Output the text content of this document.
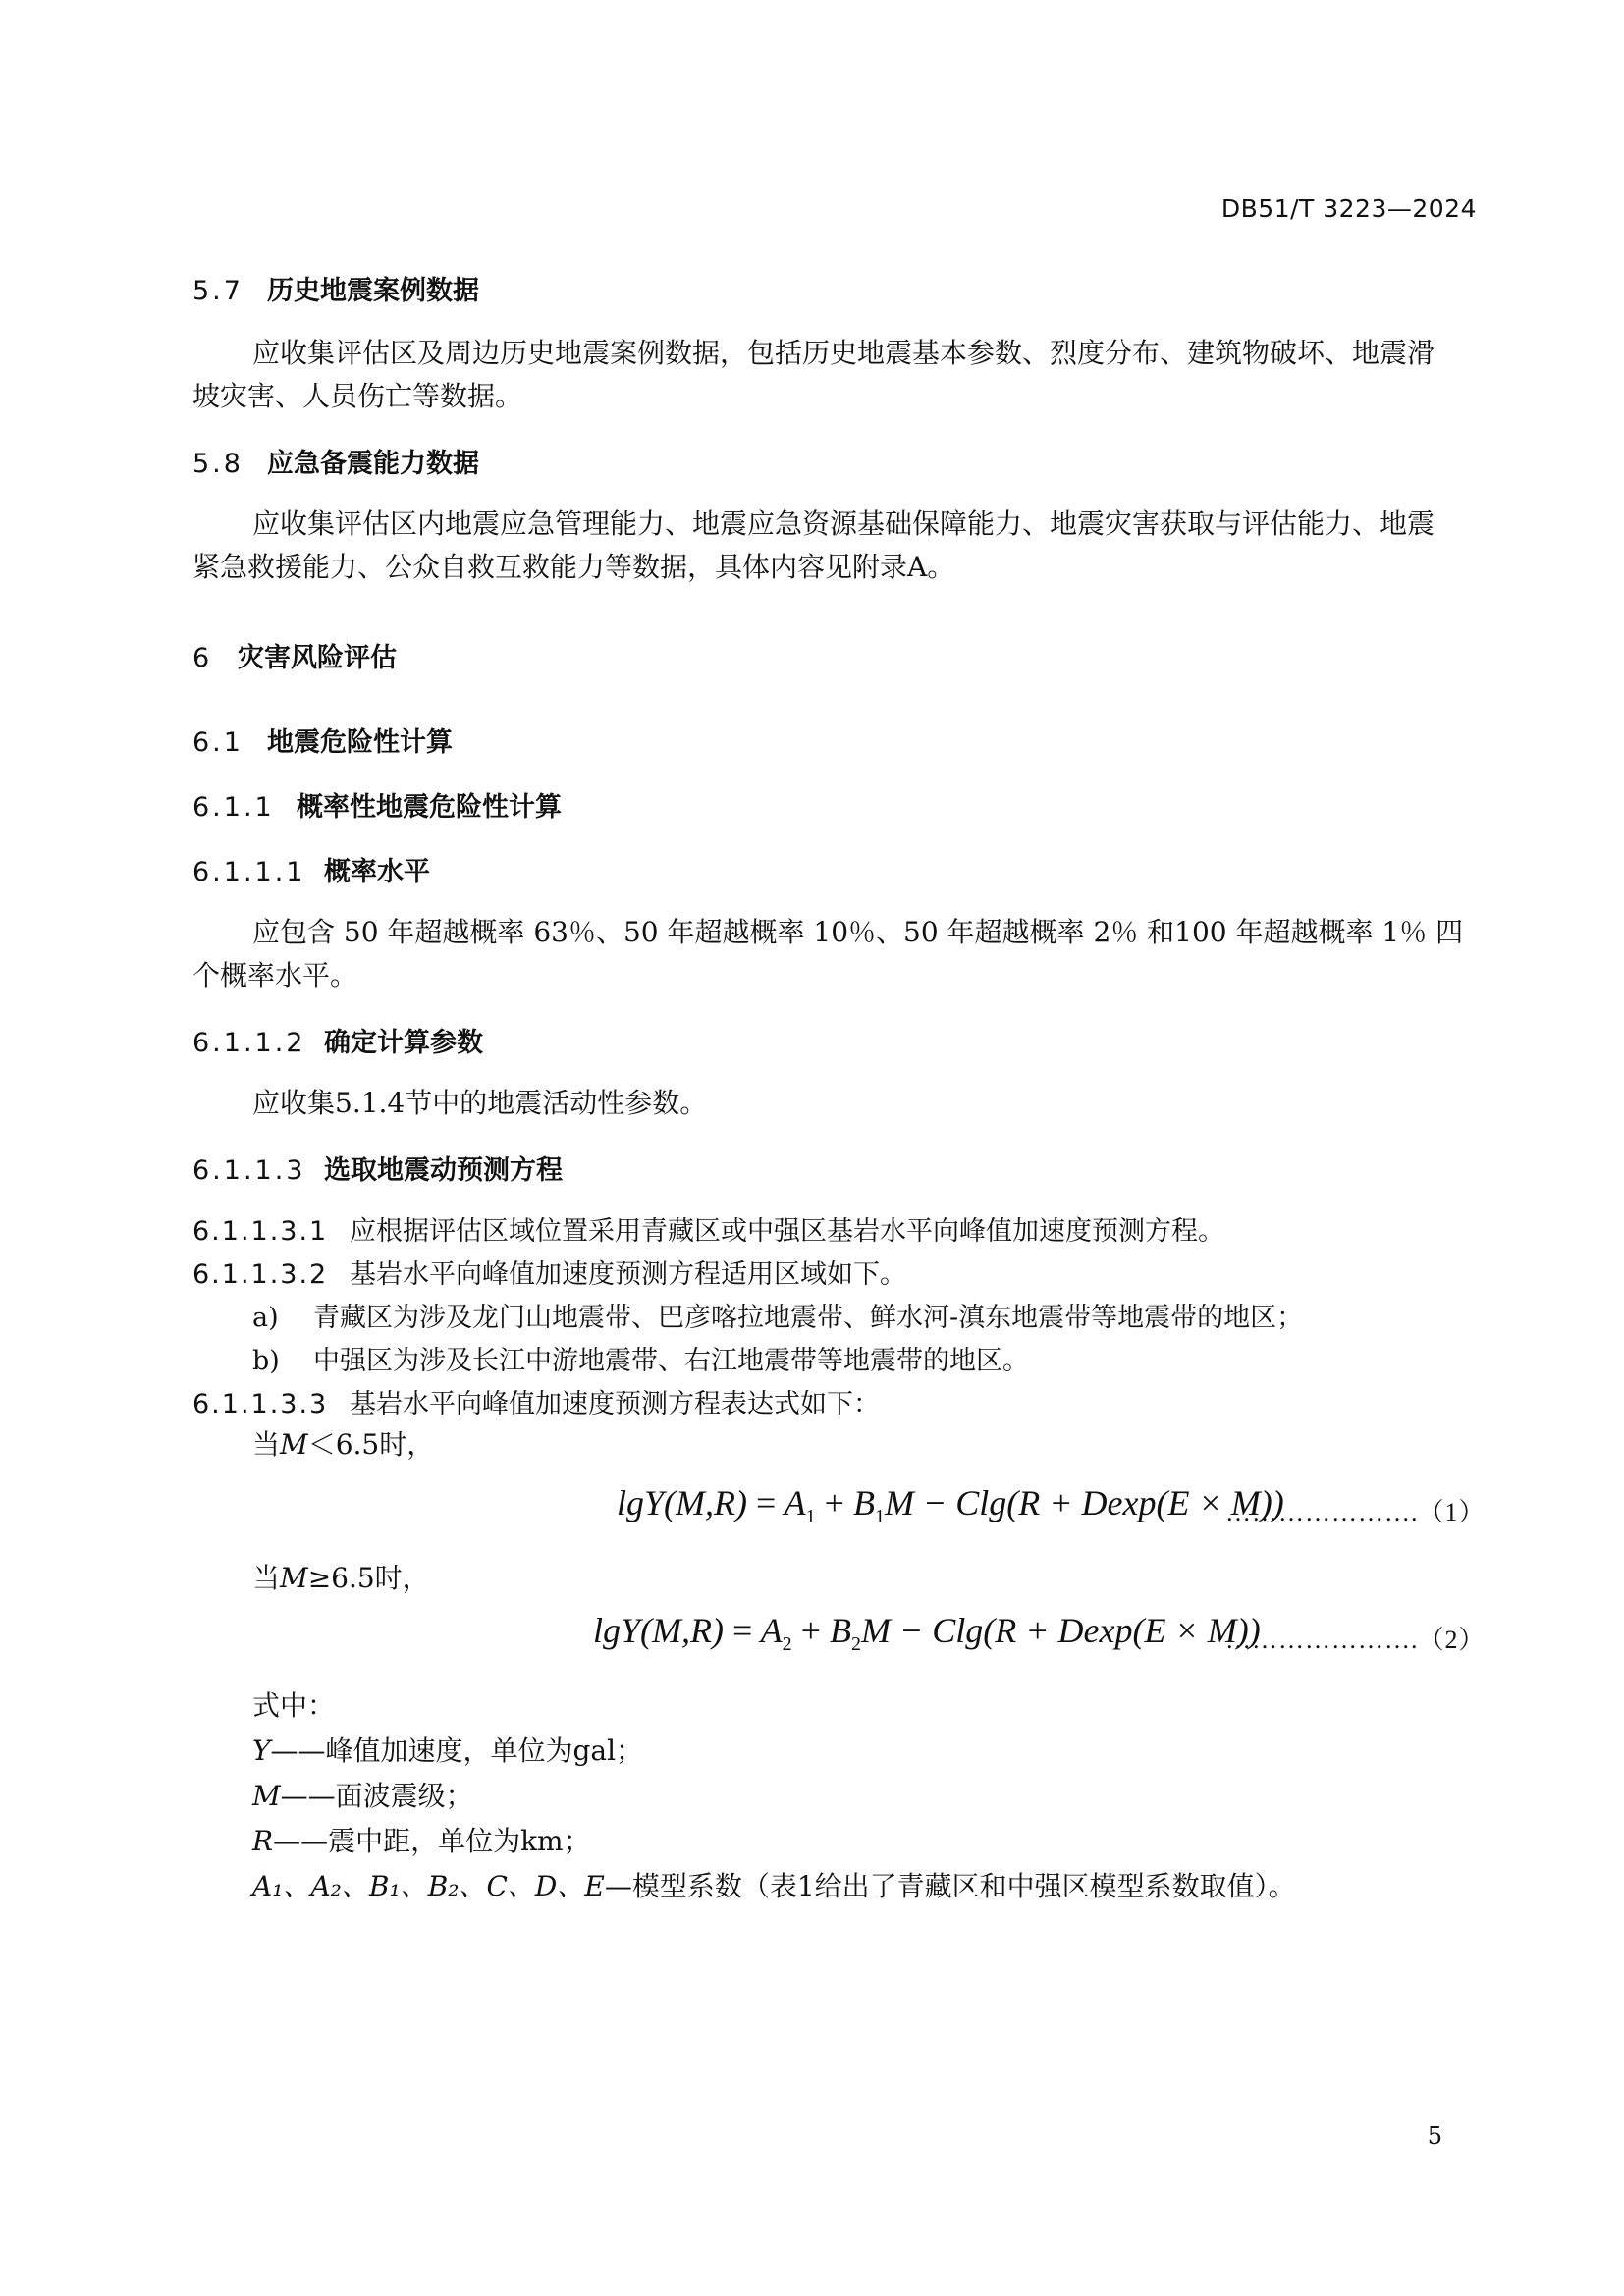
DB51/T 3223—2024
5.7 历史地震案例数据
应收集评估区及周边历史地震案例数据，包括历史地震基本参数、烈度分布、建筑物破坏、地震滑
坡灾害、人员伤亡等数据。
5.8 应急备震能力数据
应收集评估区内地震应急管理能力、地震应急资源基础保障能力、地震灾害获取与评估能力、地震
紧急救援能力、公众自救互救能力等数据，具体内容见附录A。
6 灾害风险评估
6.1 地震危险性计算
6.1.1 概率性地震危险性计算
6.1.1.1 概率水平
应包含 50 年超越概率 63％、50 年超越概率 10％、50 年超越概率 2％ 和100 年超越概率 1％ 四
个概率水平。
6.1.1.2 确定计算参数
应收集5.1.4节中的地震活动性参数。
6.1.1.3 选取地震动预测方程
6.1.1.3.1 应根据评估区域位置采用青藏区或中强区基岩水平向峰值加速度预测方程。
6.1.1.3.2 基岩水平向峰值加速度预测方程适用区域如下。
a) 青藏区为涉及龙门山地震带、巴彦喀拉地震带、鲜水河-滇东地震带等地震带的地区；
b) 中强区为涉及长江中游地震带、右江地震带等地震带的地区。
6.1.1.3.3 基岩水平向峰值加速度预测方程表达式如下：
当M＜6.5时，
$\lg Y(M,R) = A_1 + B_1M - Clg(R + Dexp(E \times M))$
………………….（1）
当M≥6.5时，
$\lg Y(M,R) = A_2 + B_2M - Clg(R + Dexp(E \times M))$
………………….（2）
式中：
Y——峰值加速度，单位为gal；
M——面波震级；
R——震中距，单位为km；
A₁、A₂、B₁、B₂、C、D、E—模型系数（表1给出了青藏区和中强区模型系数取值）。
5
